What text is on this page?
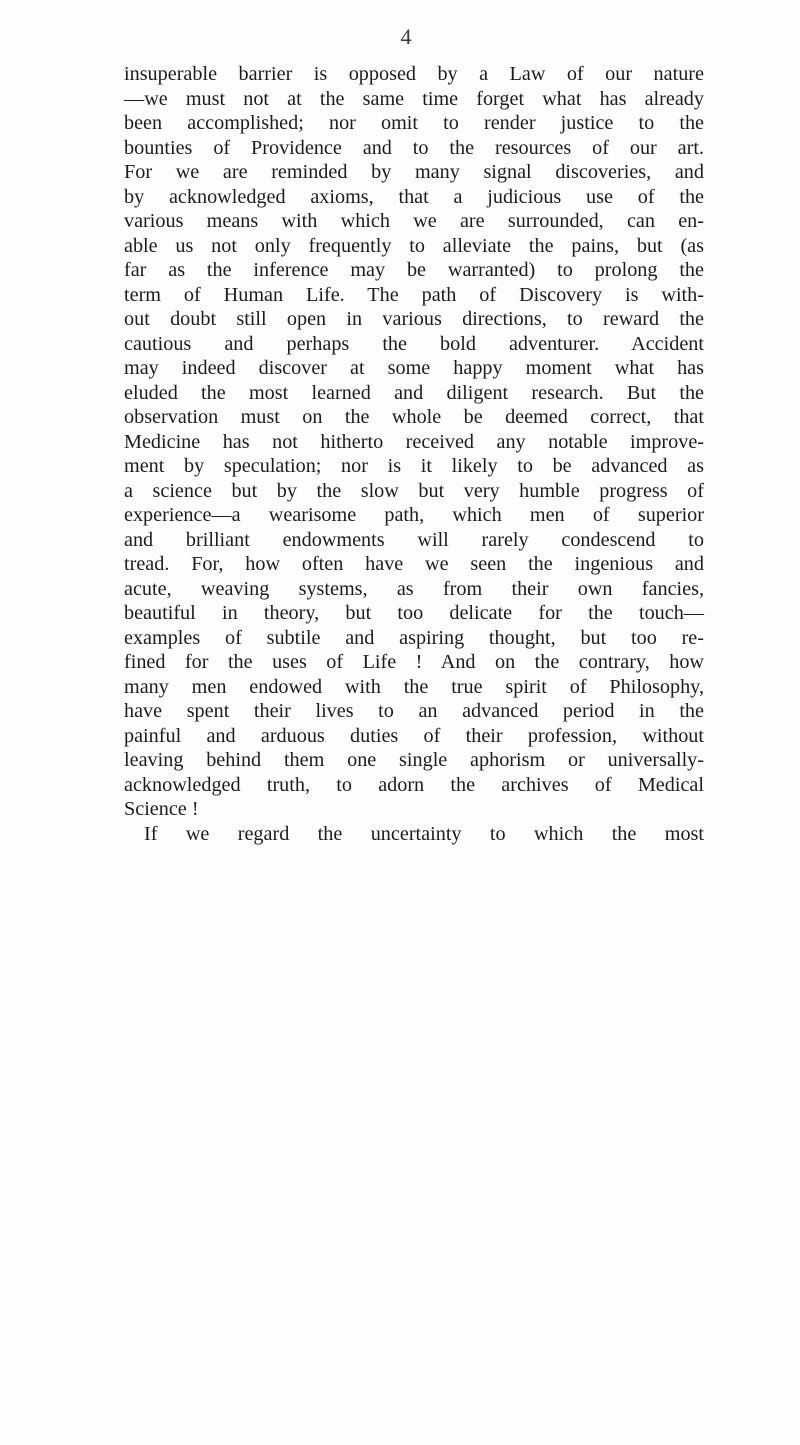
4
insuperable barrier is opposed by a Law of our nature
—we must not at the same time forget what has already
been accomplished; nor omit to render justice to the
bounties of Providence and to the resources of our art.
For we are reminded by many signal discoveries, and
by acknowledged axioms, that a judicious use of the
various means with which we are surrounded, can en-
able us not only frequently to alleviate the pains, but (as
far as the inference may be warranted) to prolong the
term of Human Life. The path of Discovery is with-
out doubt still open in various directions, to reward the
cautious and perhaps the bold adventurer. Accident
may indeed discover at some happy moment what has
eluded the most learned and diligent research. But the
observation must on the whole be deemed correct, that
Medicine has not hitherto received any notable improve-
ment by speculation; nor is it likely to be advanced as
a science but by the slow but very humble progress of
experience—a wearisome path, which men of superior
and brilliant endowments will rarely condescend to
tread. For, how often have we seen the ingenious and
acute, weaving systems, as from their own fancies,
beautiful in theory, but too delicate for the touch—
examples of subtile and aspiring thought, but too re-
fined for the uses of Life ! And on the contrary, how
many men endowed with the true spirit of Philosophy,
have spent their lives to an advanced period in the
painful and arduous duties of their profession, without
leaving behind them one single aphorism or universally-
acknowledged truth, to adorn the archives of Medical
Science !
If we regard the uncertainty to which the most
